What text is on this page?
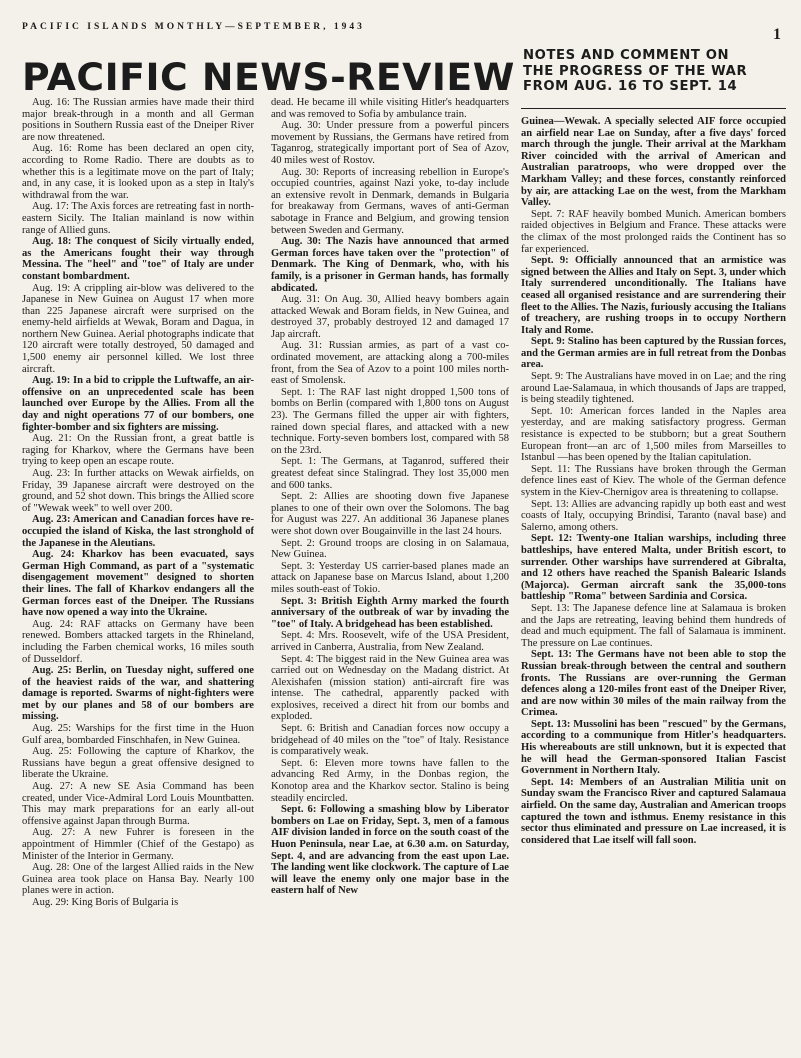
PACIFIC ISLANDS MONTHLY—SEPTEMBER, 1943	1
PACIFIC NEWS-REVIEW
NOTES AND COMMENT ON
THE PROGRESS OF THE WAR
FROM AUG. 16 TO SEPT. 14

Aug. 16: The Russian armies have made their third major break-through in a month and all German positions in Southern Russia east of the Dneiper River are now threatened.

Aug. 16: Rome has been declared an open city, according to Rome Radio. There are doubts as to whether this is a legitimate move on the part of Italy; and, in any case, it is looked upon as a step in Italy's withdrawal from the war.

Aug. 17: The Axis forces are retreating fast in north-eastern Sicily. The Italian mainland is now within range of Allied guns.

Aug. 18: The conquest of Sicily virtually ended, as the Americans fought their way through Messina. The "heel" and "toe" of Italy are under constant bombardment.

Aug. 19: A crippling air-blow was delivered to the Japanese in New Guinea on August 17 when more than 225 Japanese aircraft were surprised on the enemy-held airfields at Wewak, Boram and Dagua, in northern New Guinea. Aerial photographs indicate that 120 aircraft were totally destroyed, 50 damaged and 1,500 enemy air personnel killed. We lost three aircraft.

Aug. 19: In a bid to cripple the Luftwaffe, an air-offensive on an unprecedented scale has been launched over Europe by the Allies. From all the day and night operations 77 of our bombers, one fighter-bomber and six fighters are missing.

Aug. 21: On the Russian front, a great battle is raging for Kharkov, where the Germans have been trying to keep open an escape route.

Aug. 23: In further attacks on Wewak airfields, on Friday, 39 Japanese aircraft were destroyed on the ground, and 52 shot down. This brings the Allied score of "Wewak week" to well over 200.

Aug. 23: American and Canadian forces have re-occupied the island of Kiska, the last stronghold of the Japanese in the Aleutians.

Aug. 24: Kharkov has been evacuated, says German High Command, as part of a "systematic disengagement movement" designed to shorten their lines. The fall of Kharkov endangers all the German forces east of the Dneiper. The Russians have now opened a way into the Ukraine.

Aug. 24: RAF attacks on Germany have been renewed. Bombers attacked targets in the Rhineland, including the Farben chemical works, 16 miles south of Dusseldorf.

Aug. 25: Berlin, on Tuesday night, suffered one of the heaviest raids of the war, and shattering damage is reported. Swarms of night-fighters were met by our planes and 58 of our bombers are missing.

Aug. 25: Warships for the first time in the Huon Gulf area, bombarded Finschhafen, in New Guinea.

Aug. 25: Following the capture of Kharkov, the Russians have begun a great offensive designed to liberate the Ukraine.

Aug. 27: A new SE Asia Command has been created, under Vice-Admiral Lord Louis Mountbatten. This may mark preparations for an early all-out offensive against Japan through Burma.

Aug. 27: A new Fuhrer is foreseen in the appointment of Himmler (Chief of the Gestapo) as Minister of the Interior in Germany.

Aug. 28: One of the largest Allied raids in the New Guinea area took place on Hansa Bay. Nearly 100 planes were in action.

Aug. 29: King Boris of Bulgaria is

dead. He became ill while visiting Hitler's headquarters and was removed to Sofia by ambulance train.

Aug. 30: Under pressure from a powerful pincers movement by Russians, the Germans have retired from Taganrog, strategically important port of Sea of Azov, 40 miles west of Rostov.

Aug. 30: Reports of increasing rebellion in Europe's occupied countries, against Nazi yoke, to-day include an extensive revolt in Denmark, demands in Bulgaria for breakaway from Germans, waves of anti-German sabotage in France and Belgium, and growing tension between Sweden and Germany.

Aug. 30: The Nazis have announced that armed German forces have taken over the "protection" of Denmark. The King of Denmark, who, with his family, is a prisoner in German hands, has formally abdicated.

Aug. 31: On Aug. 30, Allied heavy bombers again attacked Wewak and Boram fields, in New Guinea, and destroyed 37, probably destroyed 12 and damaged 17 Jap aircraft.

Aug. 31: Russian armies, as part of a vast co-ordinated movement, are attacking along a 700-miles front, from the Sea of Azov to a point 100 miles north-east of Smolensk.

Sept. 1: The RAF last night dropped 1,500 tons of bombs on Berlin (compared with 1,800 tons on August 23). The Germans filled the upper air with fighters, rained down special flares, and attacked with a new technique. Forty-seven bombers lost, compared with 58 on the 23rd.

Sept. 1: The Germans, at Taganrod, suffered their greatest defeat since Stalingrad. They lost 35,000 men and 600 tanks.

Sept. 2: Allies are shooting down five Japanese planes to one of their own over the Solomons. The bag for August was 227. An additional 36 Japanese planes were shot down over Bougainville in the last 24 hours.

Sept. 2: Ground troops are closing in on Salamaua, New Guinea.

Sept. 3: Yesterday US carrier-based planes made an attack on Japanese base on Marcus Island, about 1,200 miles south-east of Tokio.

Sept. 3: British Eighth Army marked the fourth anniversary of the outbreak of war by invading the "toe" of Italy. A bridgehead has been established.

Sept. 4: Mrs. Roosevelt, wife of the USA President, arrived in Canberra, Australia, from New Zealand.

Sept. 4: The biggest raid in the New Guinea area was carried out on Wednesday on the Madang district. At Alexishafen (mission station) anti-aircraft fire was intense. The cathedral, apparently packed with explosives, received a direct hit from our bombs and exploded.

Sept. 6: British and Canadian forces now occupy a bridgehead of 40 miles on the "toe" of Italy. Resistance is comparatively weak.

Sept. 6: Eleven more towns have fallen to the advancing Red Army, in the Donbas region, the Konotop area and the Kharkov sector. Stalino is being steadily encircled.

Sept. 6: Following a smashing blow by Liberator bombers on Lae on Friday, Sept. 3, men of a famous AIF division landed in force on the south coast of the Huon Peninsula, near Lae, at 6.30 a.m. on Saturday, Sept. 4, and are advancing from the east upon Lae. The landing went like clockwork. The capture of Lae will leave the enemy only one major base in the eastern half of New

Guinea—Wewak. A specially selected AIF force occupied an airfield near Lae on Sunday, after a five days' forced march through the jungle. Their arrival at the Markham River coincided with the arrival of American and Australian paratroops, who were dropped over the Markham Valley; and these forces, constantly reinforced by air, are attacking Lae on the west, from the Markham Valley.

Sept. 7: RAF heavily bombed Munich. American bombers raided objectives in Belgium and France. These attacks were the climax of the most prolonged raids the Continent has so far experienced.

Sept. 9: Officially announced that an armistice was signed between the Allies and Italy on Sept. 3, under which Italy surrendered unconditionally. The Italians have ceased all organised resistance and are surrendering their fleet to the Allies. The Nazis, furiously accusing the Italians of treachery, are rushing troops in to occupy Northern Italy and Rome.

Sept. 9: Stalino has been captured by the Russian forces, and the German armies are in full retreat from the Donbas area.

Sept. 9: The Australians have moved in on Lae; and the ring around Lae-Salamaua, in which thousands of Japs are trapped, is being steadily tightened.

Sept. 10: American forces landed in the Naples area yesterday, and are making satisfactory progress. German resistance is expected to be stubborn; but a great Southern European front—an arc of 1,500 miles from Marseilles to Istanbul —has been opened by the Italian capitulation.

Sept. 11: The Russians have broken through the German defence lines east of Kiev. The whole of the German defence system in the Kiev-Chernigov area is threatening to collapse.

Sept. 13: Allies are advancing rapidly up both east and west coasts of Italy, occupying Brindisi, Taranto (naval base) and Salerno, among others.

Sept. 12: Twenty-one Italian warships, including three battleships, have entered Malta, under British escort, to surrender. Other warships have surrendered at Gibralta, and 12 others have reached the Spanish Balearic Islands (Majorca). German aircraft sank the 35,000-tons battleship "Roma" between Sardinia and Corsica.

Sept. 13: The Japanese defence line at Salamaua is broken and the Japs are retreating, leaving behind them hundreds of dead and much equipment. The fall of Salamaua is imminent. The pressure on Lae continues.

Sept. 13: The Germans have not been able to stop the Russian break-through between the central and southern fronts. The Russians are over-running the German defences along a 120-miles front east of the Dneiper River, and are now within 30 miles of the main railway from the Crimea.

Sept. 13: Mussolini has been "rescued" by the Germans, according to a communique from Hitler's headquarters. His whereabouts are still unknown, but it is expected that he will head the German-sponsored Italian Fascist Government in Northern Italy.

Sept. 14: Members of an Australian Militia unit on Sunday swam the Francisco River and captured Salamaua airfield. On the same day, Australian and American troops captured the town and isthmus. Enemy resistance in this sector thus eliminated and pressure on Lae increased, it is considered that Lae itself will fall soon.
